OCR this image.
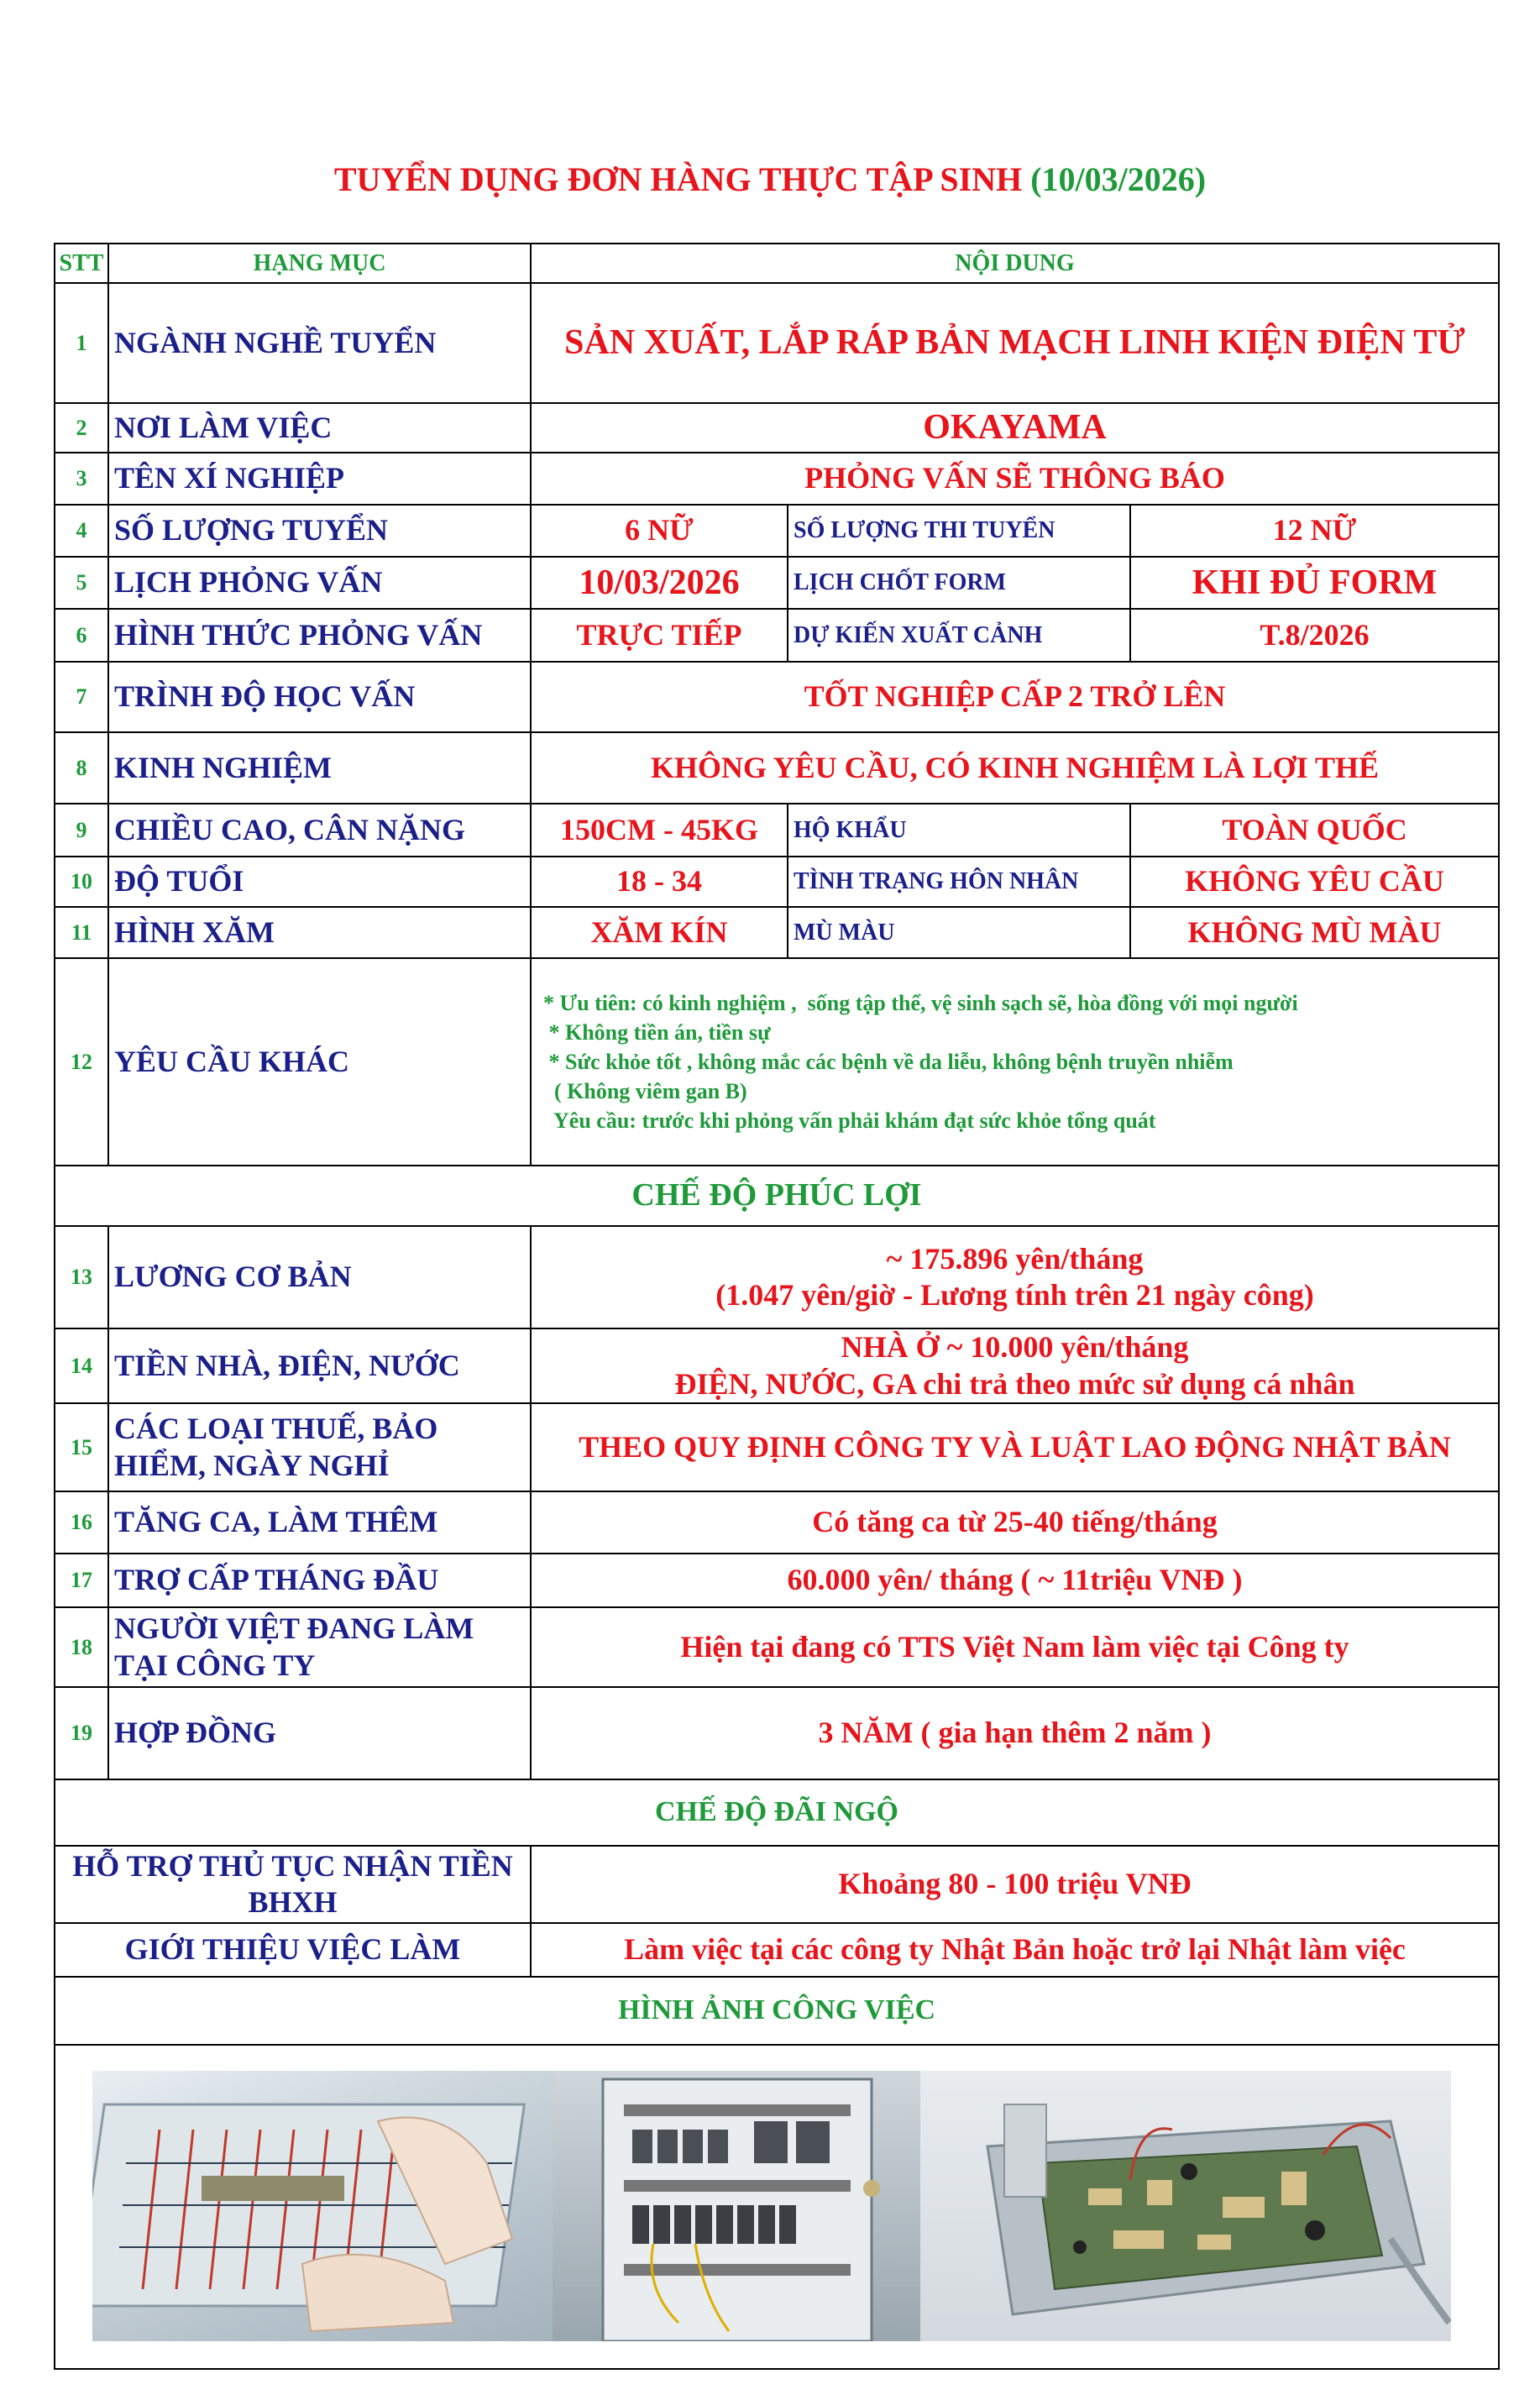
TUYỂN DỤNG ĐƠN HÀNG THỰC TẬP SINH (10/03/2026)
STT	HẠNG MỤC	NỘI DUNG		
1	NGÀNH NGHỀ TUYỂN	SẢN XUẤT, LẮP RÁP BẢN MẠCH LINH KIỆN ĐIỆN TỬ		
2	NƠI LÀM VIỆC	OKAYAMA		
3	TÊN XÍ NGHIỆP	PHỎNG VẤN SẼ THÔNG BÁO		
4	SỐ LƯỢNG TUYỂN	6 NỮ	SỐ LƯỢNG THI TUYỂN	12 NỮ
5	LỊCH PHỎNG VẤN	10/03/2026	LỊCH CHỐT FORM	KHI ĐỦ FORM
6	HÌNH THỨC PHỎNG VẤN	TRỰC TIẾP	DỰ KIẾN XUẤT CẢNH	T.8/2026
7	TRÌNH ĐỘ HỌC VẤN	TỐT NGHIỆP CẤP 2 TRỞ LÊN		
8	KINH NGHIỆM	KHÔNG YÊU CẦU, CÓ KINH NGHIỆM LÀ LỢI THẾ		
9	CHIỀU CAO, CÂN NẶNG	150CM - 45KG	HỘ KHẨU	TOÀN QUỐC
10	ĐỘ TUỔI	18 - 34	TÌNH TRẠNG HÔN NHÂN	KHÔNG YÊU CẦU
11	HÌNH XĂM	XĂM KÍN	MÙ MÀU	KHÔNG MÙ MÀU
12	YÊU CẦU KHÁC	* Ưu tiên: có kinh nghiệm ,  sống tập thể, vệ sinh sạch sẽ, hòa đồng với mọi người
* Không tiền án, tiền sự
* Sức khỏe tốt , không mắc các bệnh về da liễu, không bệnh truyền nhiễm
( Không viêm gan B)
Yêu cầu: trước khi phỏng vấn phải khám đạt sức khỏe tổng quát		

CHẾ ĐỘ PHÚC LỢI				
13	LƯƠNG CƠ BẢN	~ 175.896 yên/tháng
(1.047 yên/giờ - Lương tính trên 21 ngày công)		

14	TIỀN NHÀ, ĐIỆN, NƯỚC	NHÀ Ở ~ 10.000 yên/tháng
ĐIỆN, NƯỚC, GA chi trả theo mức sử dụng cá nhân		

15	CÁC LOẠI THUẾ, BẢO
HIỂM, NGÀY NGHỈ	THEO QUY ĐỊNH CÔNG TY VÀ LUẬT LAO ĐỘNG NHẬT BẢN		
16	TĂNG CA, LÀM THÊM	Có tăng ca từ 25-40 tiếng/tháng		
17	TRỢ CẤP THÁNG ĐẦU	60.000 yên/ tháng ( ~ 11triệu VNĐ )		
18	NGƯỜI VIỆT ĐANG LÀM
TẠI CÔNG TY	Hiện tại đang có TTS Việt Nam làm việc tại Công ty		
19	HỢP ĐỒNG	3 NĂM ( gia hạn thêm 2 năm )		
CHẾ ĐỘ ĐÃI NGỘ				

HỖ TRỢ THỦ TỤC NHẬN TIỀN
BHXH		Khoảng 80 - 100 triệu VNĐ		
GIỚI THIỆU VIỆC LÀM		Làm việc tại các công ty Nhật Bản hoặc trở lại Nhật làm việc		
HÌNH ẢNH CÔNG VIỆC				
